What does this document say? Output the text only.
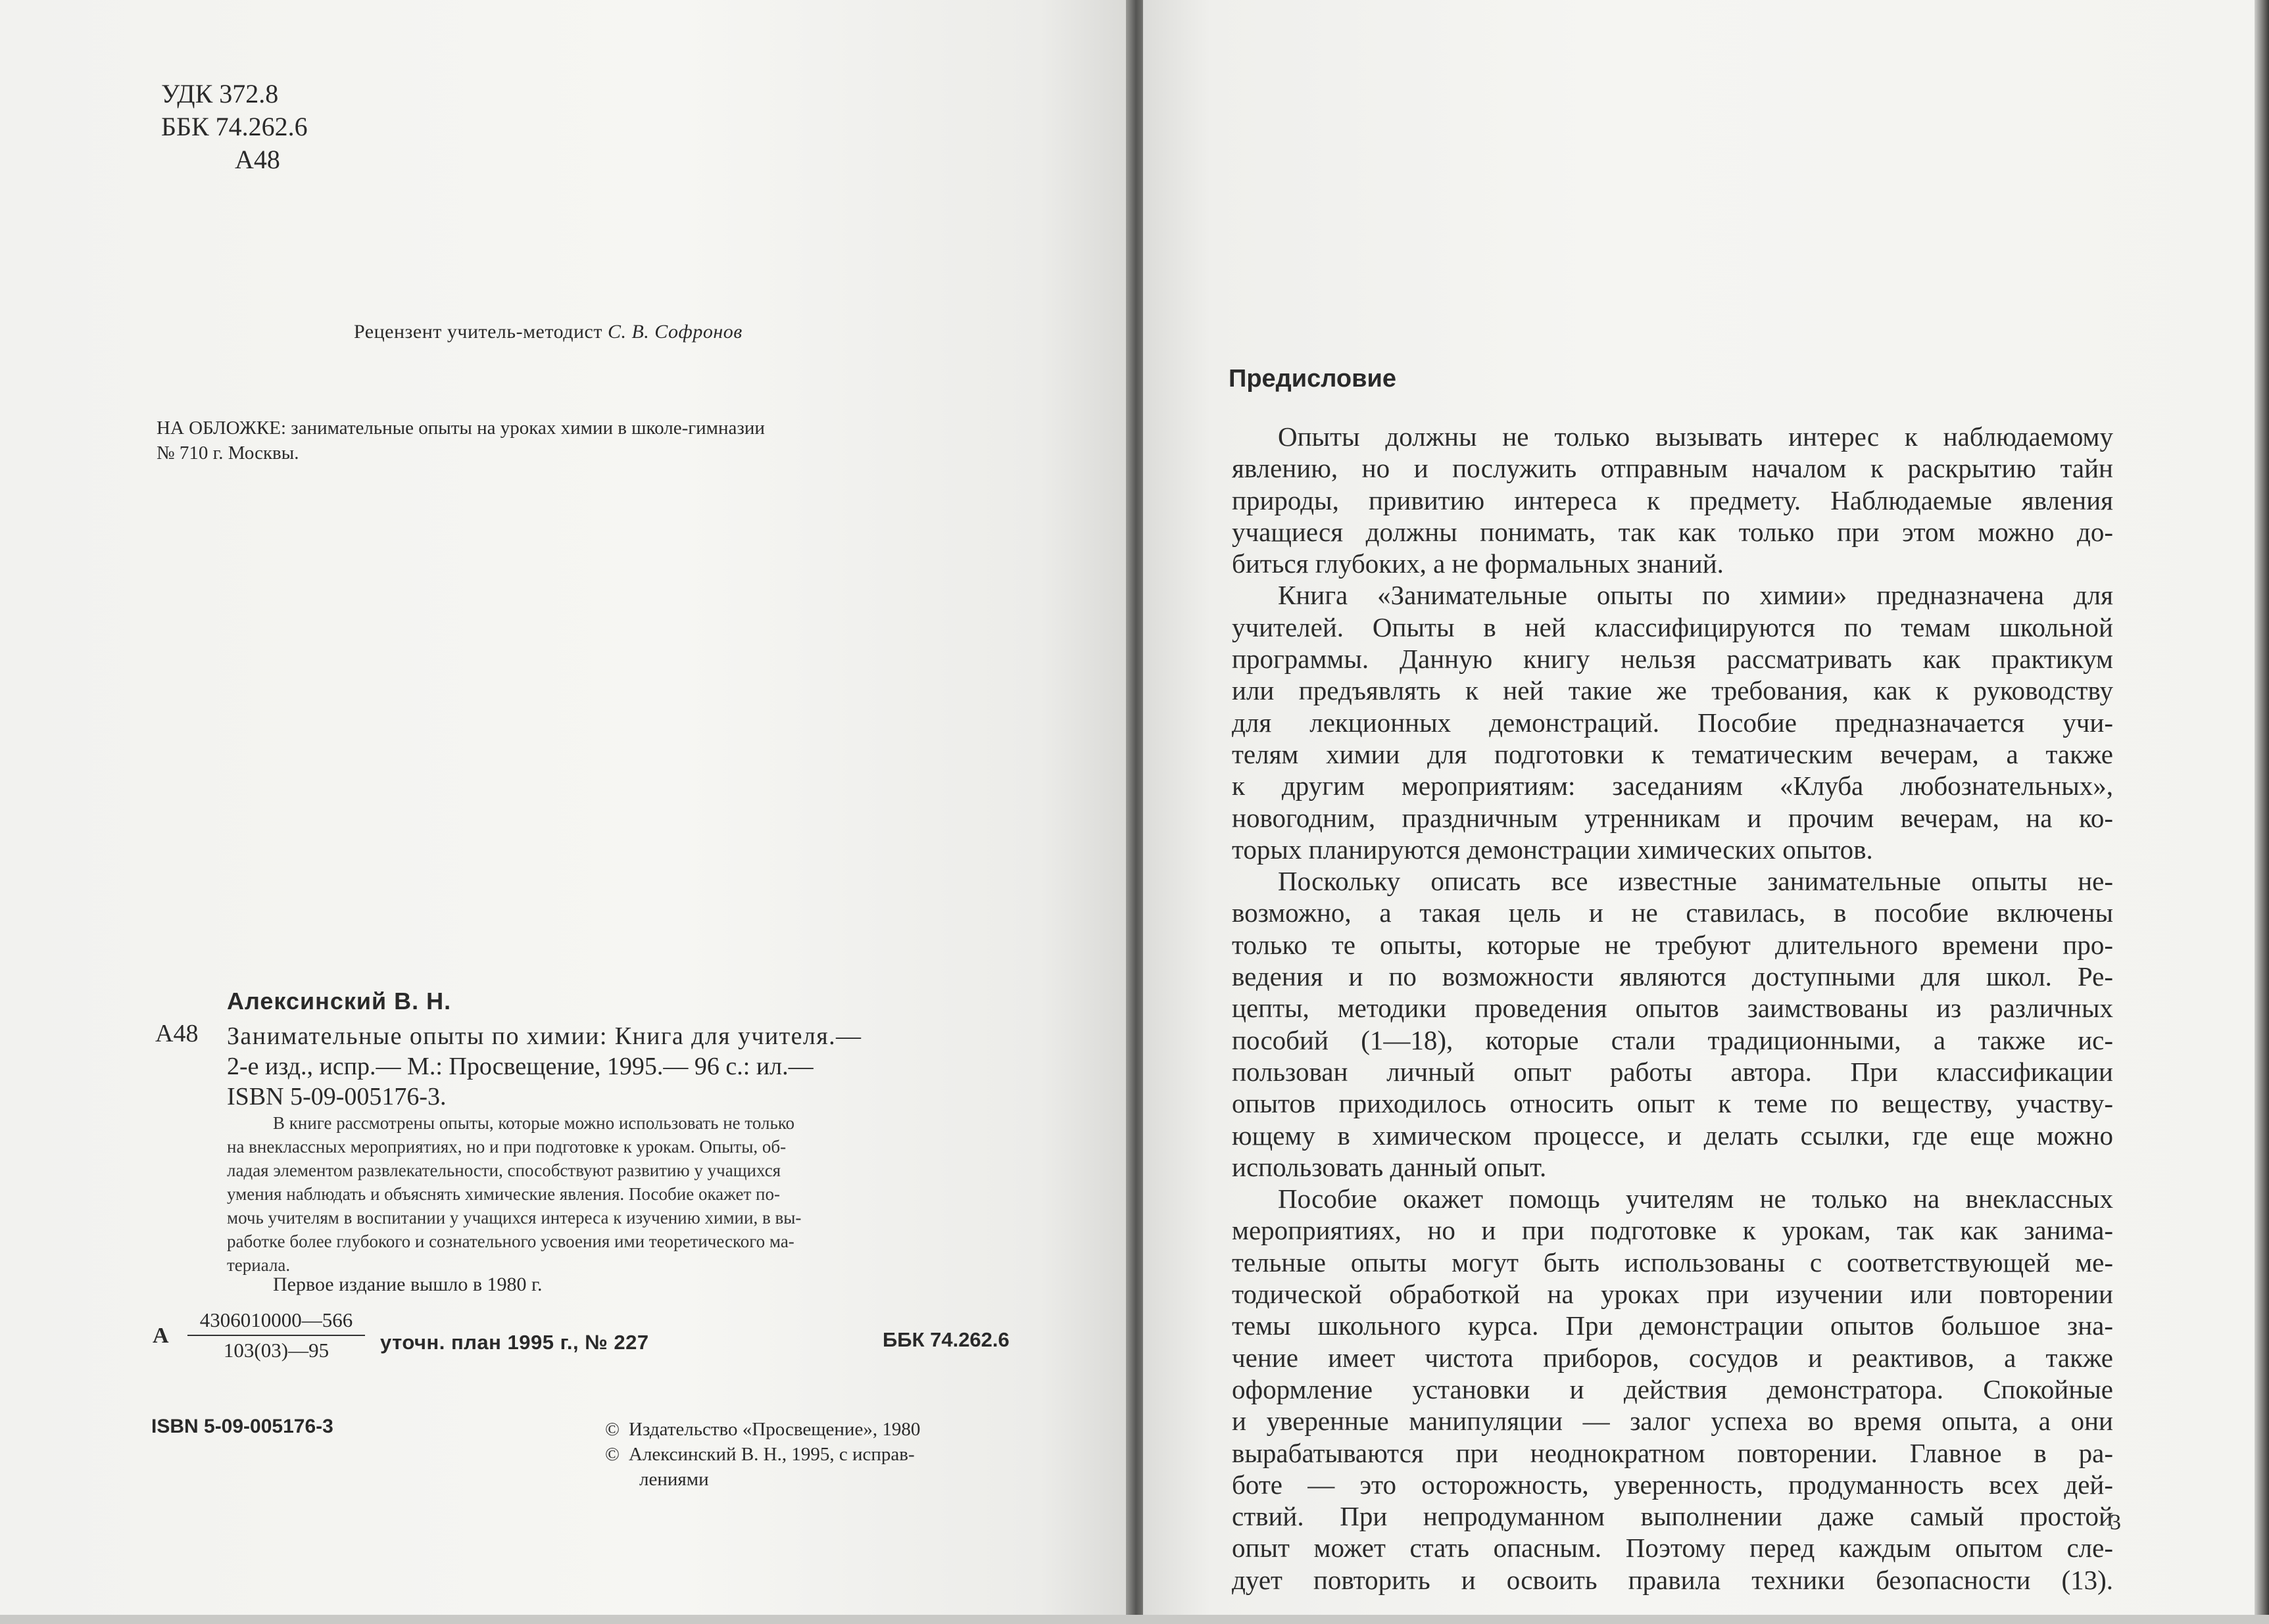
УДК 372.8
ББК 74.262.6
А48
Рецензент учитель-методист С. В. Софронов
НА ОБЛОЖКЕ: занимательные опыты на уроках химии в школе-гимназии
№ 710 г. Москвы.
Алексинский В. Н.
А48 Занимательные опыты по химии: Книга для учителя.—
2-е изд., испр.— М.: Просвещение, 1995.— 96 с.: ил.—
ISBN 5-09-005176-3.
В книге рассмотрены опыты, которые можно использовать не только
на внеклассных мероприятиях, но и при подготовке к урокам. Опыты, об-
ладая элементом развлекательности, способствуют развитию у учащихся
умения наблюдать и объяснять химические явления. Пособие окажет по-
мочь учителям в воспитании у учащихся интереса к изучению химии, в вы-
работке более глубокого и сознательного усвоения ими теоретического ма-
териала.
Первое издание вышло в 1980 г.
А $\frac{4306010000—566}{103(03)—95}$ уточн. план 1995 г., № 227	ББК 74.262.6
ISBN 5-09-005176-3	© Издательство «Просвещение», 1980
© Алексинский В. Н., 1995, с исправ-
лениями
Предисловие
Опыты должны не только вызывать интерес к наблюдаемому
явлению, но и послужить отправным началом к раскрытию тайн
природы, привитию интереса к предмету. Наблюдаемые явления
учащиеся должны понимать, так как только при этом можно до-
биться глубоких, а не формальных знаний.
Книга «Занимательные опыты по химии» предназначена для
учителей. Опыты в ней классифицируются по темам школьной
программы. Данную книгу нельзя рассматривать как практикум
или предъявлять к ней такие же требования, как к руководству
для лекционных демонстраций. Пособие предназначается учи-
телям химии для подготовки к тематическим вечерам, а также
к другим мероприятиям: заседаниям «Клуба любознательных»,
новогодним, праздничным утренникам и прочим вечерам, на ко-
торых планируются демонстрации химических опытов.
Поскольку описать все известные занимательные опыты не-
возможно, а такая цель и не ставилась, в пособие включены
только те опыты, которые не требуют длительного времени про-
ведения и по возможности являются доступными для школ. Ре-
цепты, методики проведения опытов заимствованы из различных
пособий (1—18), которые стали традиционными, а также ис-
пользован личный опыт работы автора. При классификации
опытов приходилось относить опыт к теме по веществу, участву-
ющему в химическом процессе, и делать ссылки, где еще можно
использовать данный опыт.
Пособие окажет помощь учителям не только на внеклассных
мероприятиях, но и при подготовке к урокам, так как занима-
тельные опыты могут быть использованы с соответствующей ме-
тодической обработкой на уроках при изучении или повторении
темы школьного курса. При демонстрации опытов большое зна-
чение имеет чистота приборов, сосудов и реактивов, а также
оформление установки и действия демонстратора. Спокойные
и уверенные манипуляции — залог успеха во время опыта, а они
вырабатываются при неоднократном повторении. Главное в ра-
боте — это осторожность, уверенность, продуманность всех дей-
ствий. При непродуманном выполнении даже самый простой
опыт может стать опасным. Поэтому перед каждым опытом сле-
дует повторить и освоить правила техники безопасности (13).
3
